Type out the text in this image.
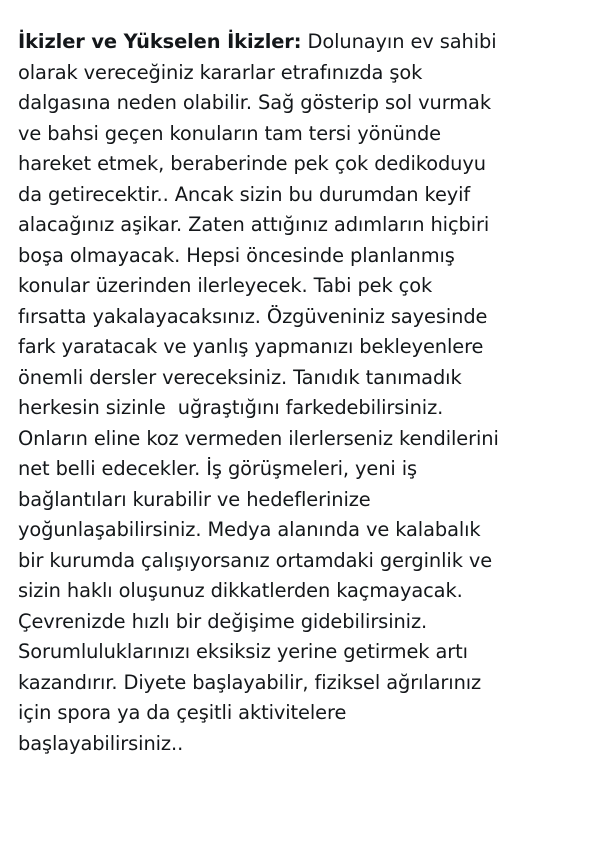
İkizler ve Yükselen İkizler: Dolunayın ev sahibi
olarak vereceğiniz kararlar etrafınızda şok
dalgasına neden olabilir. Sağ gösterip sol vurmak
ve bahsi geçen konuların tam tersi yönünde
hareket etmek, beraberinde pek çok dedikoduyu
da getirecektir.. Ancak sizin bu durumdan keyif
alacağınız aşikar. Zaten attığınız adımların hiçbiri
boşa olmayacak. Hepsi öncesinde planlanmış
konular üzerinden ilerleyecek. Tabi pek çok
fırsatta yakalayacaksınız. Özgüveniniz sayesinde
fark yaratacak ve yanlış yapmanızı bekleyenlere
önemli dersler vereceksiniz. Tanıdık tanımadık
herkesin sizinle  uğraştığını farkedebilirsiniz.
Onların eline koz vermeden ilerlerseniz kendilerini
net belli edecekler. İş görüşmeleri, yeni iş
bağlantıları kurabilir ve hedeflerinize
yoğunlaşabilirsiniz. Medya alanında ve kalabalık
bir kurumda çalışıyorsanız ortamdaki gerginlik ve
sizin haklı oluşunuz dikkatlerden kaçmayacak.
Çevrenizde hızlı bir değişime gidebilirsiniz.
Sorumluluklarınızı eksiksiz yerine getirmek artı
kazandırır. Diyete başlayabilir, fiziksel ağrılarınız
için spora ya da çeşitli aktivitelere
başlayabilirsiniz..
